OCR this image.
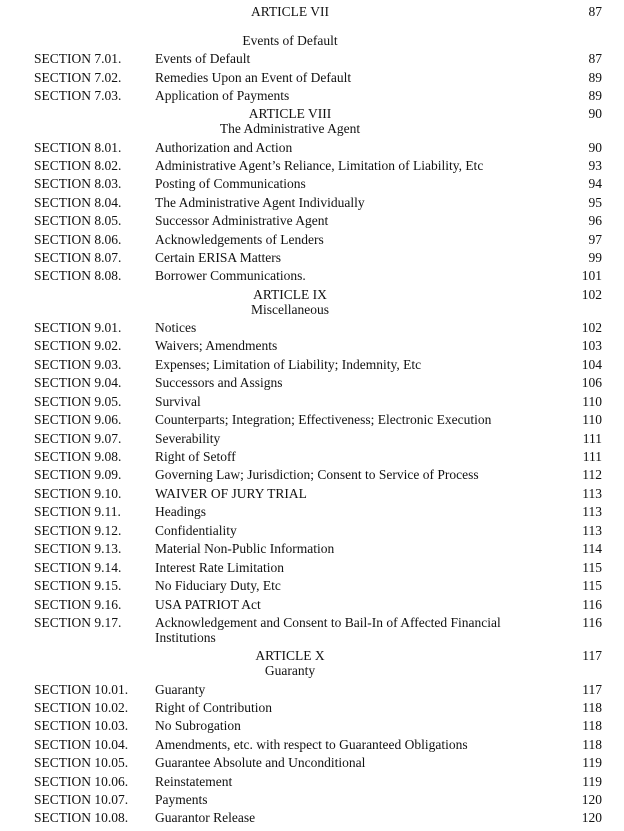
ARTICLE VII	87
Events of Default
SECTION 7.01. Events of Default	87
SECTION 7.02. Remedies Upon an Event of Default	89
SECTION 7.03. Application of Payments	89
ARTICLE VIII	90
The Administrative Agent
SECTION 8.01. Authorization and Action	90
SECTION 8.02. Administrative Agent’s Reliance, Limitation of Liability, Etc	93
SECTION 8.03. Posting of Communications	94
SECTION 8.04. The Administrative Agent Individually	95
SECTION 8.05. Successor Administrative Agent	96
SECTION 8.06. Acknowledgements of Lenders	97
SECTION 8.07. Certain ERISA Matters	99
SECTION 8.08. Borrower Communications.	101
ARTICLE IX	102
Miscellaneous
SECTION 9.01. Notices	102
SECTION 9.02. Waivers; Amendments	103
SECTION 9.03. Expenses; Limitation of Liability; Indemnity, Etc	104
SECTION 9.04. Successors and Assigns	106
SECTION 9.05. Survival	110
SECTION 9.06. Counterparts; Integration; Effectiveness; Electronic Execution	110
SECTION 9.07. Severability	111
SECTION 9.08. Right of Setoff	111
SECTION 9.09. Governing Law; Jurisdiction; Consent to Service of Process	112
SECTION 9.10. WAIVER OF JURY TRIAL	113
SECTION 9.11.	Headings	113
SECTION 9.12. Confidentiality	113
SECTION 9.13. Material Non-Public Information	114
SECTION 9.14. Interest Rate Limitation	115
SECTION 9.15. No Fiduciary Duty, Etc	115
SECTION 9.16. USA PATRIOT Act	116
SECTION 9.17. Acknowledgement and Consent to Bail-In of Affected Financial	116
Institutions
ARTICLE X	117
Guaranty
SECTION 10.01. Guaranty	117
SECTION 10.02. Right of Contribution	118
SECTION 10.03. No Subrogation	118
SECTION 10.04. Amendments, etc. with respect to Guaranteed Obligations	118
SECTION 10.05. Guarantee Absolute and Unconditional	119
SECTION 10.06. Reinstatement	119
SECTION 10.07. Payments	120
SECTION 10.08. Guarantor Release	120
